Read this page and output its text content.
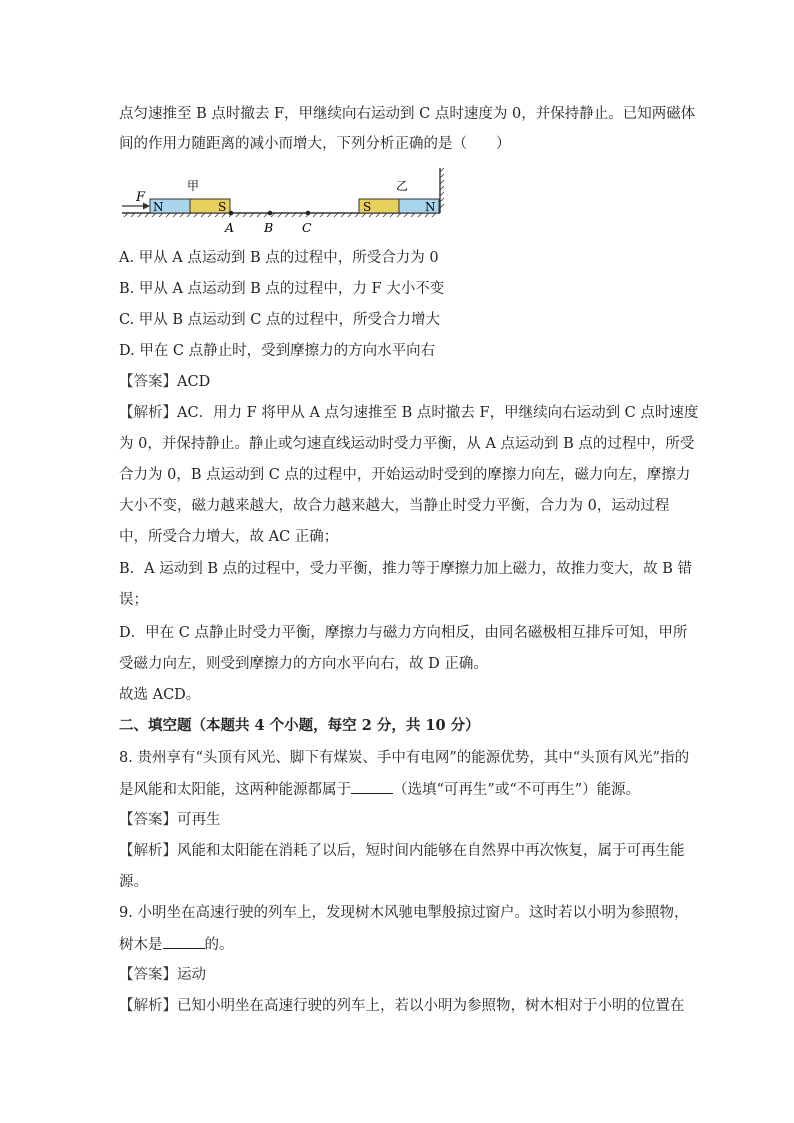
点匀速推至 B 点时撤去 F，甲继续向右运动到 C 点时速度为 0，并保持静止。已知两磁体
间的作用力随距离的减小而增大，下列分析正确的是（　　）
F
甲
N	S
乙
S	N
A B C
A. 甲从 A 点运动到 B 点的过程中，所受合力为 0
B. 甲从 A 点运动到 B 点的过程中，力 F 大小不变
C. 甲从 B 点运动到 C 点的过程中，所受合力增大
D. 甲在 C 点静止时，受到摩擦力的方向水平向右
【答案】ACD
【解析】AC．用力 F 将甲从 A 点匀速推至 B 点时撤去 F，甲继续向右运动到 C 点时速度
为 0，并保持静止。静止或匀速直线运动时受力平衡，从 A 点运动到 B 点的过程中，所受
合力为 0，B 点运动到 C 点的过程中，开始运动时受到的摩擦力向左，磁力向左，摩擦力
大小不变，磁力越来越大，故合力越来越大，当静止时受力平衡，合力为 0，运动过程
中，所受合力增大，故 AC 正确；
B．A 运动到 B 点的过程中，受力平衡，推力等于摩擦力加上磁力，故推力变大，故 B 错
误；
D．甲在 C 点静止时受力平衡，摩擦力与磁力方向相反，由同名磁极相互排斥可知，甲所
受磁力向左，则受到摩擦力的方向水平向右，故 D 正确。
故选 ACD。
二、填空题（本题共 4 个小题，每空 2 分，共 10 分）
8. 贵州享有“头顶有风光、脚下有煤炭、手中有电网”的能源优势，其中“头顶有风光”指的
是风能和太阳能，这两种能源都属于	（选填“可再生”或“不可再生”）能源。
【答案】可再生
【解析】风能和太阳能在消耗了以后，短时间内能够在自然界中再次恢复，属于可再生能
源。
9. 小明坐在高速行驶的列车上，发现树木风驰电掣般掠过窗户。这时若以小明为参照物，
树木是	的。
【答案】运动
【解析】已知小明坐在高速行驶的列车上，若以小明为参照物，树木相对于小明的位置在
